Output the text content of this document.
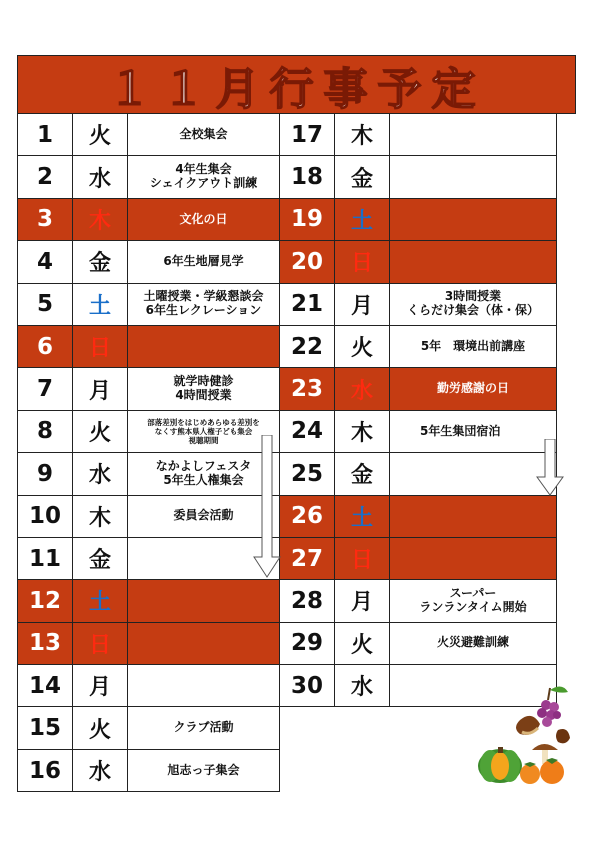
１１月行事予定
1	火	全校集会
2	水	4年生集会
シェイクアウト訓練
3	木	文化の日
4	金	6年生地層見学
5	土	土曜授業・学級懇談会
6年生レクレーション
6	日
7	月	就学時健診
4時間授業
8	火	部落差別をはじめあらゆる差別を
なくす熊本県人権子ども集会
視聴期間
9	水	なかよしフェスタ
5年生人権集会
10	木	委員会活動
11	金
12	土
13	日
14	月
15	火	クラブ活動
16	水	旭志っ子集会
17	木
18	金
19	土
20	日
21	月	3時間授業
くらだけ集会（体・保）
22	火	5年　環境出前講座
23	水	勤労感謝の日
24	木	5年生集団宿泊
25	金
26	土
27	日
28	月	スーパー
ランランタイム開始
29	火	火災避難訓練
30	水
